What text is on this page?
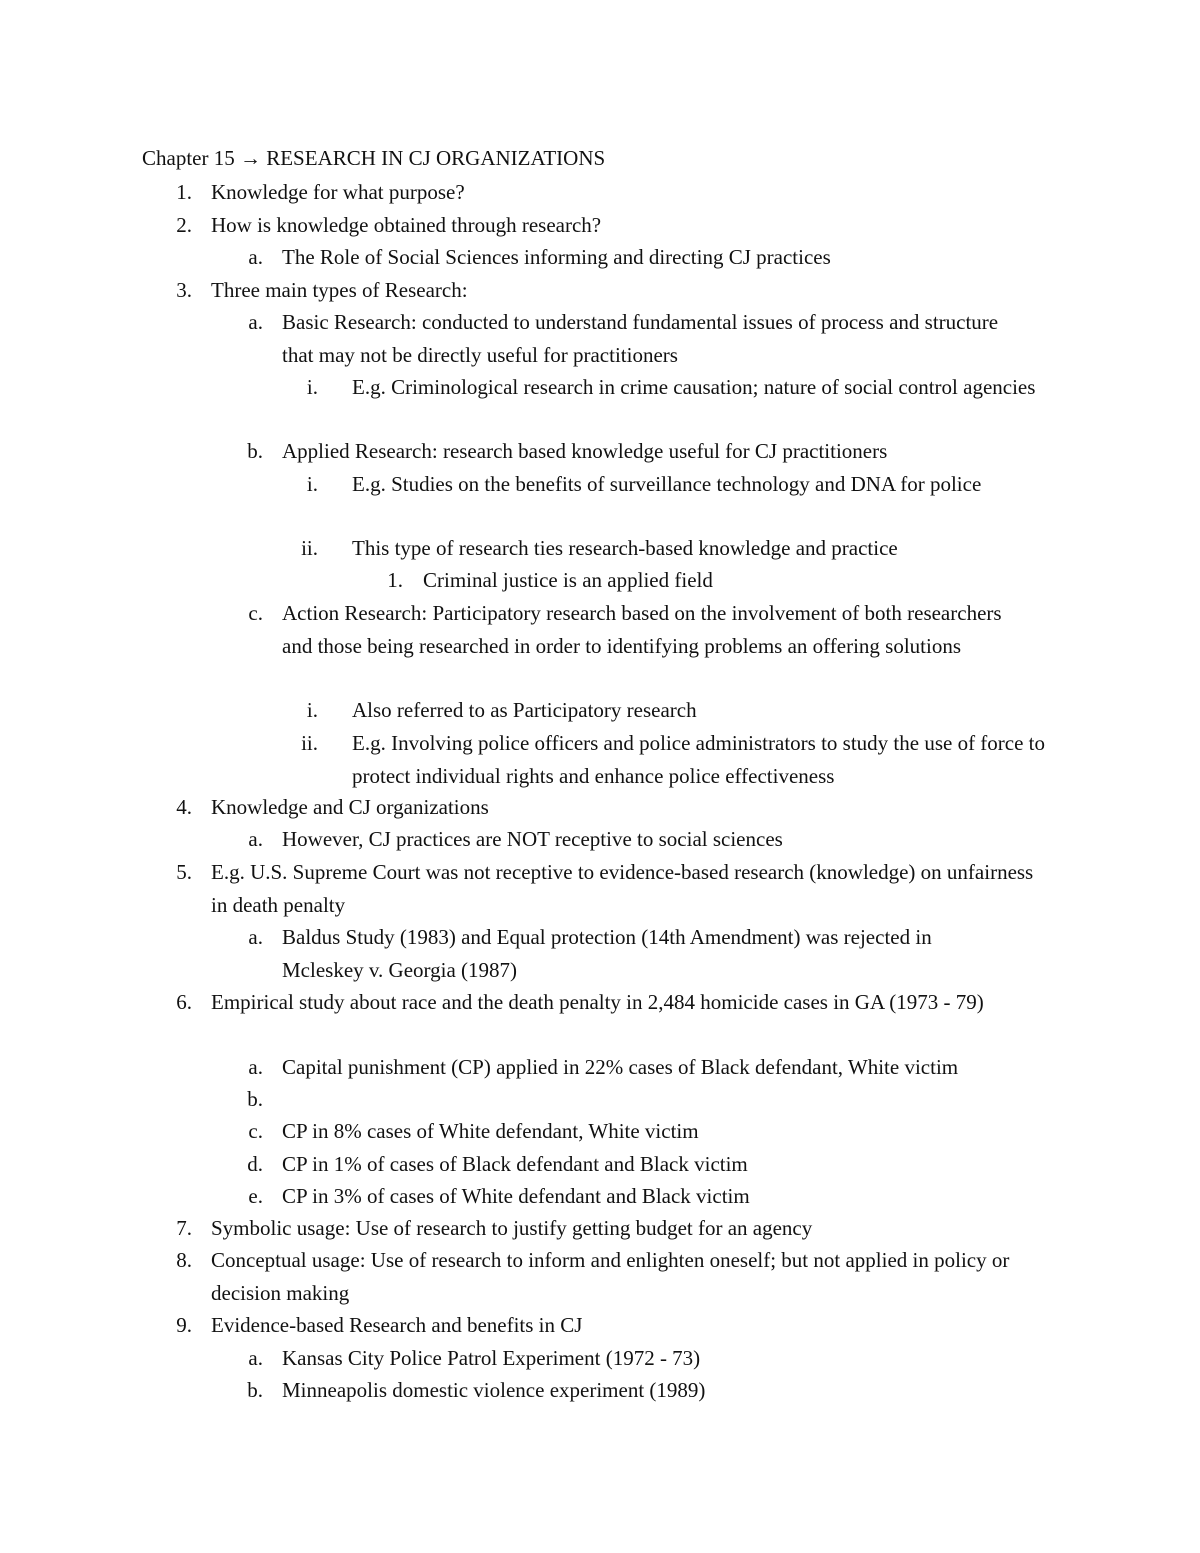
Chapter 15 → RESEARCH IN CJ ORGANIZATIONS
1. Knowledge for what purpose?
2. How is knowledge obtained through research?
a. The Role of Social Sciences informing and directing CJ practices
3. Three main types of Research:
a. Basic Research: conducted to understand fundamental issues of process and structure that may not be directly useful for practitioners
i. E.g. Criminological research in crime causation; nature of social control agencies
b. Applied Research: research based knowledge useful for CJ practitioners
i. E.g. Studies on the benefits of surveillance technology and DNA for police
ii. This type of research ties research-based knowledge and practice
1. Criminal justice is an applied field
c. Action Research: Participatory research based on the involvement of both researchers and those being researched in order to identifying problems an offering solutions
i. Also referred to as Participatory research
ii. E.g. Involving police officers and police administrators to study the use of force to protect individual rights and enhance police effectiveness
4. Knowledge and CJ organizations
a. However, CJ practices are NOT receptive to social sciences
5. E.g. U.S. Supreme Court was not receptive to evidence-based research (knowledge) on unfairness in death penalty
a. Baldus Study (1983) and Equal protection (14th Amendment) was rejected in Mcleskey v. Georgia (1987)
6. Empirical study about race and the death penalty in 2,484 homicide cases in GA (1973 - 79)
a. Capital punishment (CP) applied in 22% cases of Black defendant, White victim
b.
c. CP in 8% cases of White defendant, White victim
d. CP in 1% of cases of Black defendant and Black victim
e. CP in 3% of cases of White defendant and Black victim
7. Symbolic usage: Use of research to justify getting budget for an agency
8. Conceptual usage: Use of research to inform and enlighten oneself; but not applied in policy or decision making
9. Evidence-based Research and benefits in CJ
a. Kansas City Police Patrol Experiment (1972 - 73)
b. Minneapolis domestic violence experiment (1989)
